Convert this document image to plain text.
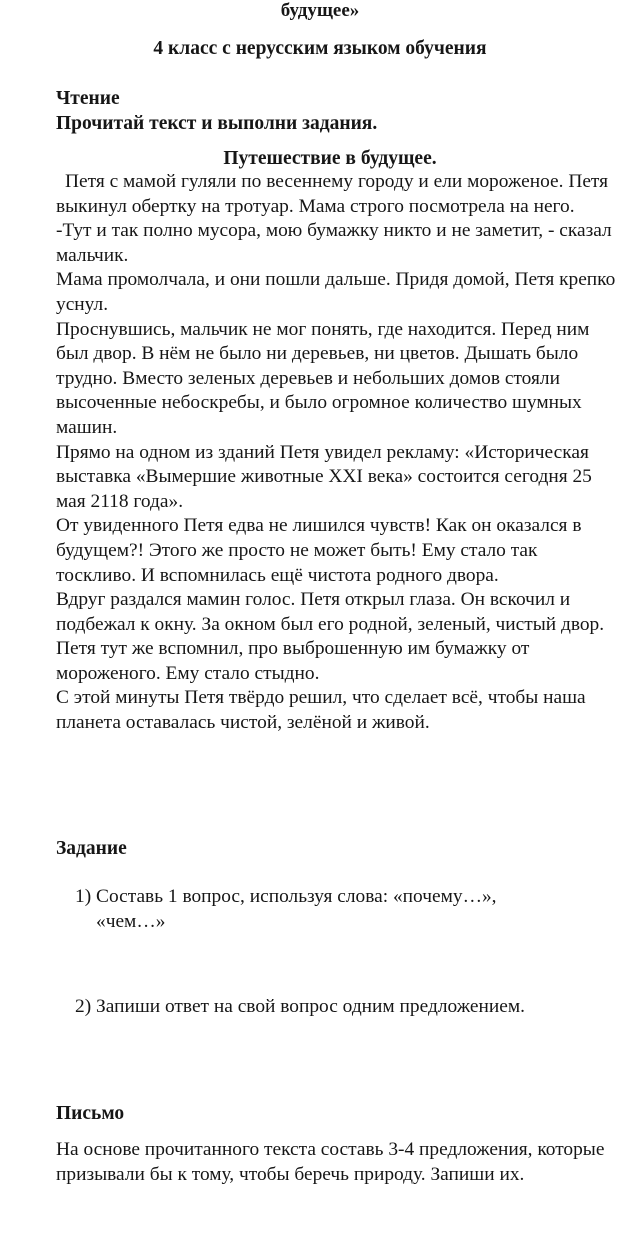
будущее»
4 класс с нерусским языком обучения
Чтение
Прочитай текст и выполни задания.
Путешествие в будущее.

Петя с мамой гуляли по весеннему городу и ели мороженое. Петя выкинул обертку на тротуар. Мама строго посмотрела на него.

-Тут и так полно мусора, мою бумажку никто и не заметит, - сказал мальчик.

Мама промолчала, и они пошли дальше. Придя домой, Петя крепко уснул.

Проснувшись, мальчик не мог понять, где находится. Перед ним был двор. В нём не было ни деревьев, ни цветов. Дышать было трудно. Вместо зеленых деревьев и небольших домов стояли высоченные небоскребы, и было огромное количество шумных машин.

Прямо на одном из зданий Петя увидел рекламу: «Историческая выставка «Вымершие животные XXI века» состоится сегодня 25 мая 2118 года».

От увиденного Петя едва не лишился чувств! Как он оказался в будущем?! Этого же просто не может быть! Ему стало так тоскливо. И вспомнилась ещё чистота родного двора.

Вдруг раздался мамин голос. Петя открыл глаза. Он вскочил и подбежал к окну. За окном был его родной, зеленый, чистый двор.

Петя тут же вспомнил, про выброшенную им бумажку от мороженого. Ему стало стыдно.

С этой минуты Петя твёрдо решил, что сделает всё, чтобы наша планета оставалась чистой, зелёной и живой.

Задание
1) Составь 1 вопрос, используя слова: «почему…»,
«чем…»
2) Запиши ответ на свой вопрос одним предложением.
Письмо
На основе прочитанного текста составь 3-4 предложения, которые призывали бы к тому, чтобы беречь природу. Запиши их.
